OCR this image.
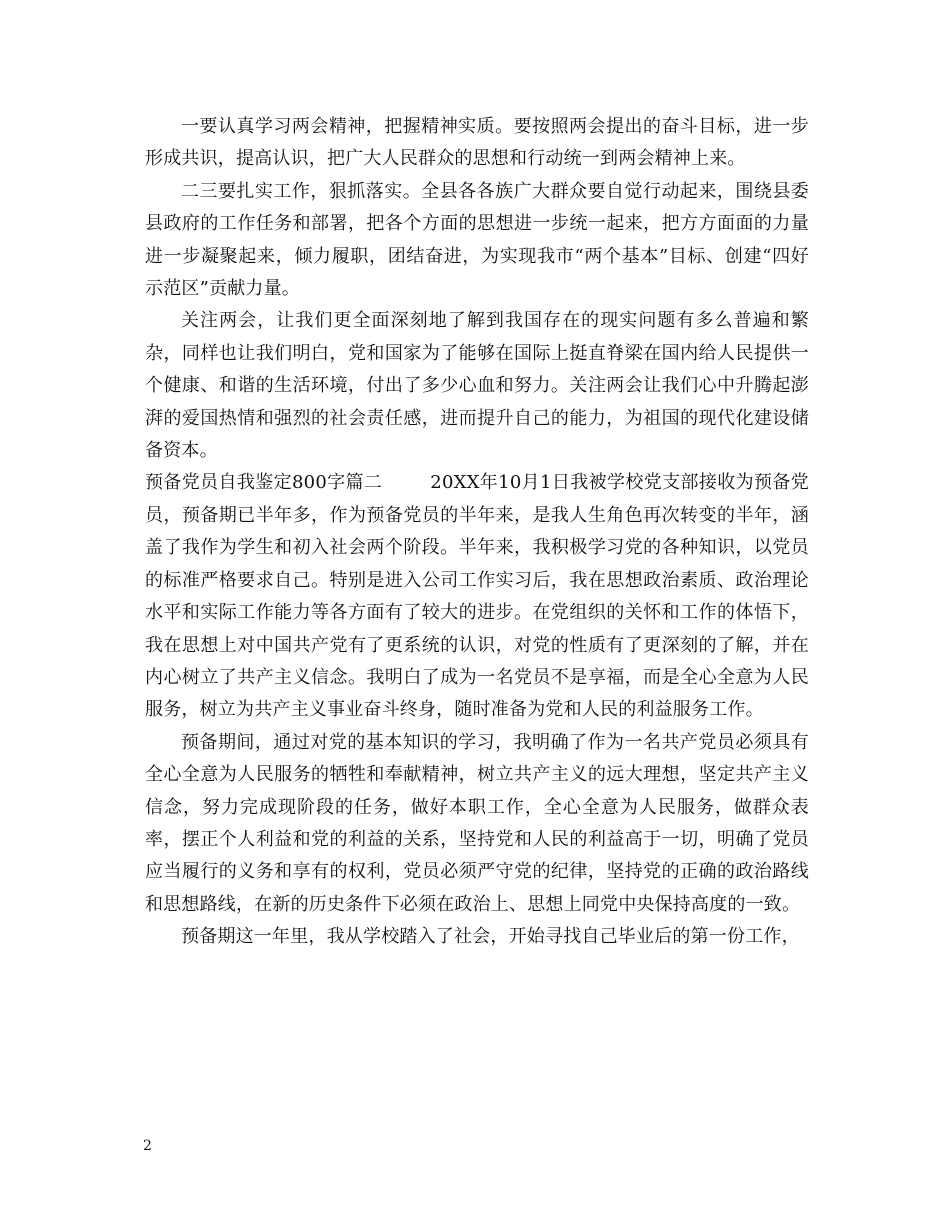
一要认真学习两会精神，把握精神实质。要按照两会提出的奋斗目标，进一步形成共识，提高认识，把广大人民群众的思想和行动统一到两会精神上来。

二三要扎实工作，狠抓落实。全县各各族广大群众要自觉行动起来，围绕县委县政府的工作任务和部署，把各个方面的思想进一步统一起来，把方方面面的力量进一步凝聚起来，倾力履职，团结奋进，为实现我市“两个基本”目标、创建“四好示范区”贡献力量。

关注两会，让我们更全面深刻地了解到我国存在的现实问题有多么普遍和繁杂，同样也让我们明白，党和国家为了能够在国际上挺直脊梁在国内给人民提供一个健康、和谐的生活环境，付出了多少心血和努力。关注两会让我们心中升腾起澎湃的爱国热情和强烈的社会责任感，进而提升自己的能力，为祖国的现代化建设储备资本。

预备党员自我鉴定800字篇二	20XX年10月1日我被学校党支部接收为预备党员，预备期已半年多，作为预备党员的半年来，是我人生角色再次转变的半年，涵盖了我作为学生和初入社会两个阶段。半年来，我积极学习党的各种知识，以党员的标准严格要求自己。特别是进入公司工作实习后，我在思想政治素质、政治理论水平和实际工作能力等各方面有了较大的进步。在党组织的关怀和工作的体悟下，我在思想上对中国共产党有了更系统的认识，对党的性质有了更深刻的了解，并在内心树立了共产主义信念。我明白了成为一名党员不是享福，而是全心全意为人民服务，树立为共产主义事业奋斗终身，随时准备为党和人民的利益服务工作。

预备期间，通过对党的基本知识的学习，我明确了作为一名共产党员必须具有全心全意为人民服务的牺牲和奉献精神，树立共产主义的远大理想，坚定共产主义信念，努力完成现阶段的任务，做好本职工作，全心全意为人民服务，做群众表率，摆正个人利益和党的利益的关系，坚持党和人民的利益高于一切，明确了党员应当履行的义务和享有的权利，党员必须严守党的纪律，坚持党的正确的政治路线和思想路线，在新的历史条件下必须在政治上、思想上同党中央保持高度的一致。

预备期这一年里，我从学校踏入了社会，开始寻找自己毕业后的第一份工作，

2
